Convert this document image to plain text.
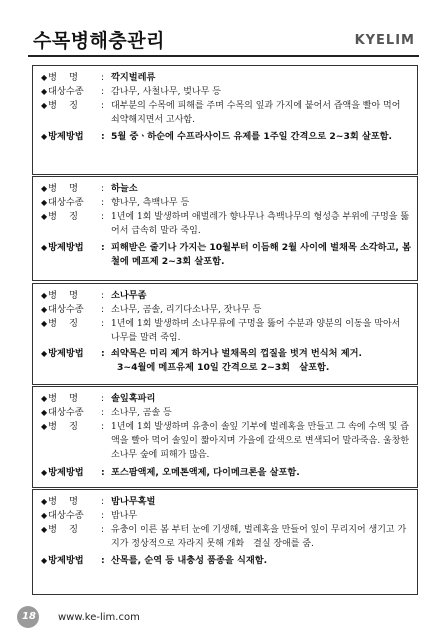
수목병해충관리	KYELIM
◆병　 명	: 깍지벌레류
◆대상수종	: 감나무, 사철나무, 벚나무 등
◆병　 징	: 대부분의 수목에 피해를 주며 수목의 잎과 가지에 붙어서 즙액을 빨아 먹어 쇠약해지면서 고사함.
◆방제방법	: 5월 중ㆍ하순에 수프라사이드 유제를 1주일 간격으로 2~3회 살포함.
◆병　 명	: 하늘소
◆대상수종	: 향나무, 측백나무 등
◆병　 징	: 1년에 1회 발생하며 애벌레가 향나무나 측백나무의 형성층 부위에 구멍을 뚫어서 급속히 말라 죽임.
◆방제방법	: 피해받은 줄기나 가지는 10월부터 이듬해 2월 사이에 벌채목 소각하고, 봄철에 메프제 2~3회 살포함.
◆병　 명	: 소나무좀
◆대상수종	: 소나무, 곰솔, 리기다소나무, 잣나무 등
◆병　 징	: 1년에 1회 발생하며 소나무류에 구멍을 뚫어 수분과 양분의 이동을 막아서 나무를 말려 죽임.
◆방제방법	: 쇠약목은 미리 제거 하거나 벌채목의 껍질을 벗겨 번식처 제거.
3~4월에 메프유제 10일 간격으로 2~3회　살포함.
◆병　 명	: 솔잎혹파리
◆대상수종	: 소나무, 곰솔 등
◆병　 징	: 1년에 1회 발생하며 유충이 솔잎 기부에 벌레혹을 만들고 그 속에 수액 및 즙액을 빨아 먹어 솔잎이 짧아지며 가을에 갈색으로 변색되어 말라죽음. 울창한 소나무 숲에 피해가 많음.
◆방제방법	: 포스팜액제, 오메톤액제, 다이메크론을 살포함.
◆병　 명	: 밤나무혹벌
◆대상수종	: 밤나무
◆병　 징	: 유충이 이른 봄 부터 눈에 기생해, 벌레혹을 만들어 잎이 무리지어 생기고 가지가 정상적으로 자라지 못해 개화　결실 장애를 줌.
◆방제방법	: 산목를, 순역 등 내충성 품종을 식재함.
18 www.ke-lim.com
